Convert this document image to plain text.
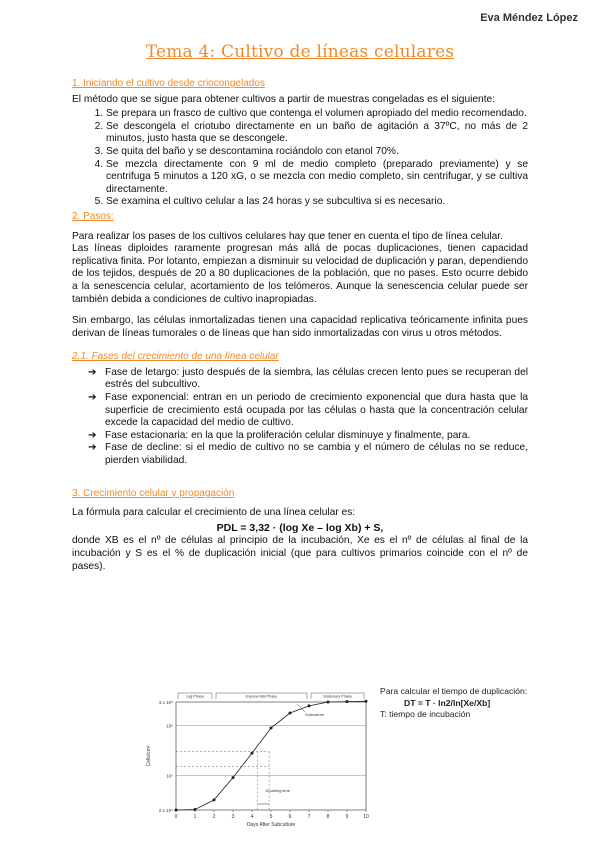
Eva Méndez López
Tema 4: Cultivo de líneas celulares
1. Iniciando el cultivo desde criocongelados

El método que se sigue para obtener cultivos a partir de muestras congeladas es el siguiente:

1. Se prepara un frasco de cultivo que contenga el volumen apropiado del medio recomendado.
2. Se descongela el criotubo directamente en un baño de agitación a 37ºC, no más de 2 minutos, justo hasta que se descongele.
3. Se quita del baño y se descontamina rociándolo con etanol 70%.
4. Se mezcla directamente con 9 ml de medio completo (preparado previamente) y se centrifuga 5 minutos a 120 xG, o se mezcla con medio completo, sin centrifugar, y se cultiva directamente.
5. Se examina el cultivo celular a las 24 horas y se subcultiva si es necesario.
2. Pasos:

Para realizar los pases de los cultivos celulares hay que tener en cuenta el tipo de línea celular.

Las líneas diploides raramente progresan más allá de pocas duplicaciones, tienen capacidad replicativa finita. Por lotanto, empiezan a disminuir su velocidad de duplicación y paran, dependiendo de los tejidos, después de 20 a 80 duplicaciones de la población, que no pases. Esto ocurre debido a la senescencia celular, acortamiento de los telómeros. Aunque la senescencia celular puede ser también debida a condiciones de cultivo inapropiadas.

Sin embargo, las células inmortalizadas tienen una capacidad replicativa teóricamente infinita pues derivan de líneas tumorales o de líneas que han sido inmortalizadas con virus u otros métodos.

2.1. Fases del crecimiento de una línea celular
➔ Fase de letargo: justo después de la siembra, las células crecen lento pues se recuperan del estrés del subcultivo.
➔ Fase exponencial: entran en un periodo de crecimiento exponencial que dura hasta que la superficie de crecimiento está ocupada por las células o hasta que la concentración celular excede la capacidad del medio de cultivo.
➔ Fase estacionaria: en la que la proliferación celular disminuye y finalmente, para.
➔ Fase de decline: si el medio de cultivo no se cambia y el número de células no se reduce, pierden viabilidad.
3. Crecimiento celular y propagación

La fórmula para calcular el crecimiento de una línea celular es:

PDL = 3,32 · (log Xe – log Xb) + S,

donde XB es el nº de células al principio de la incubación, Xe es el nº de células al final de la incubación y S es el % de duplicación inicial (que para cultivos primarios coincide con el nº de pases).

Para calcular el tiempo de duplicación:
DT = T · ln2/ln[Xe/Xb]
T: tiempo de incubación
2 x 10⁴
10⁵
10⁶
3 x 10⁶
0	1	2	3	4	5	6	7	8	9	10
Days After Subculture
Cells/cm²
Lag Phase	Exponential Phase	Stationary Phase
Subculture
Doubling time
